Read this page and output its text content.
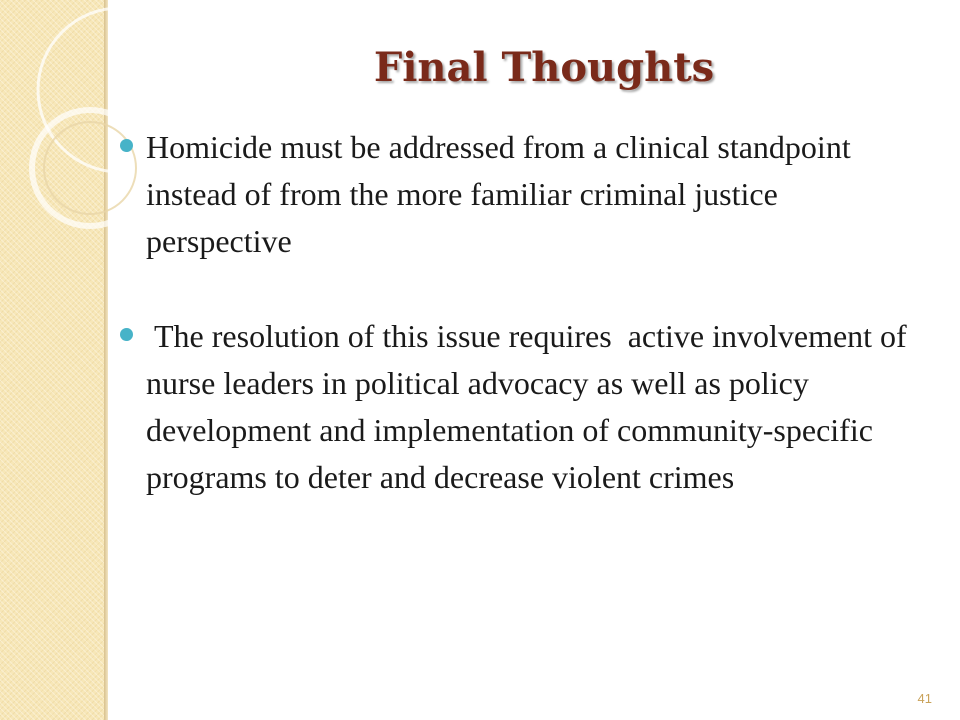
Final Thoughts
Homicide must be addressed from a clinical standpoint instead of from the more familiar criminal justice perspective
The resolution of this issue requires  active involvement of nurse leaders in political advocacy as well as policy development and implementation of community-specific programs to deter and decrease violent crimes
41
